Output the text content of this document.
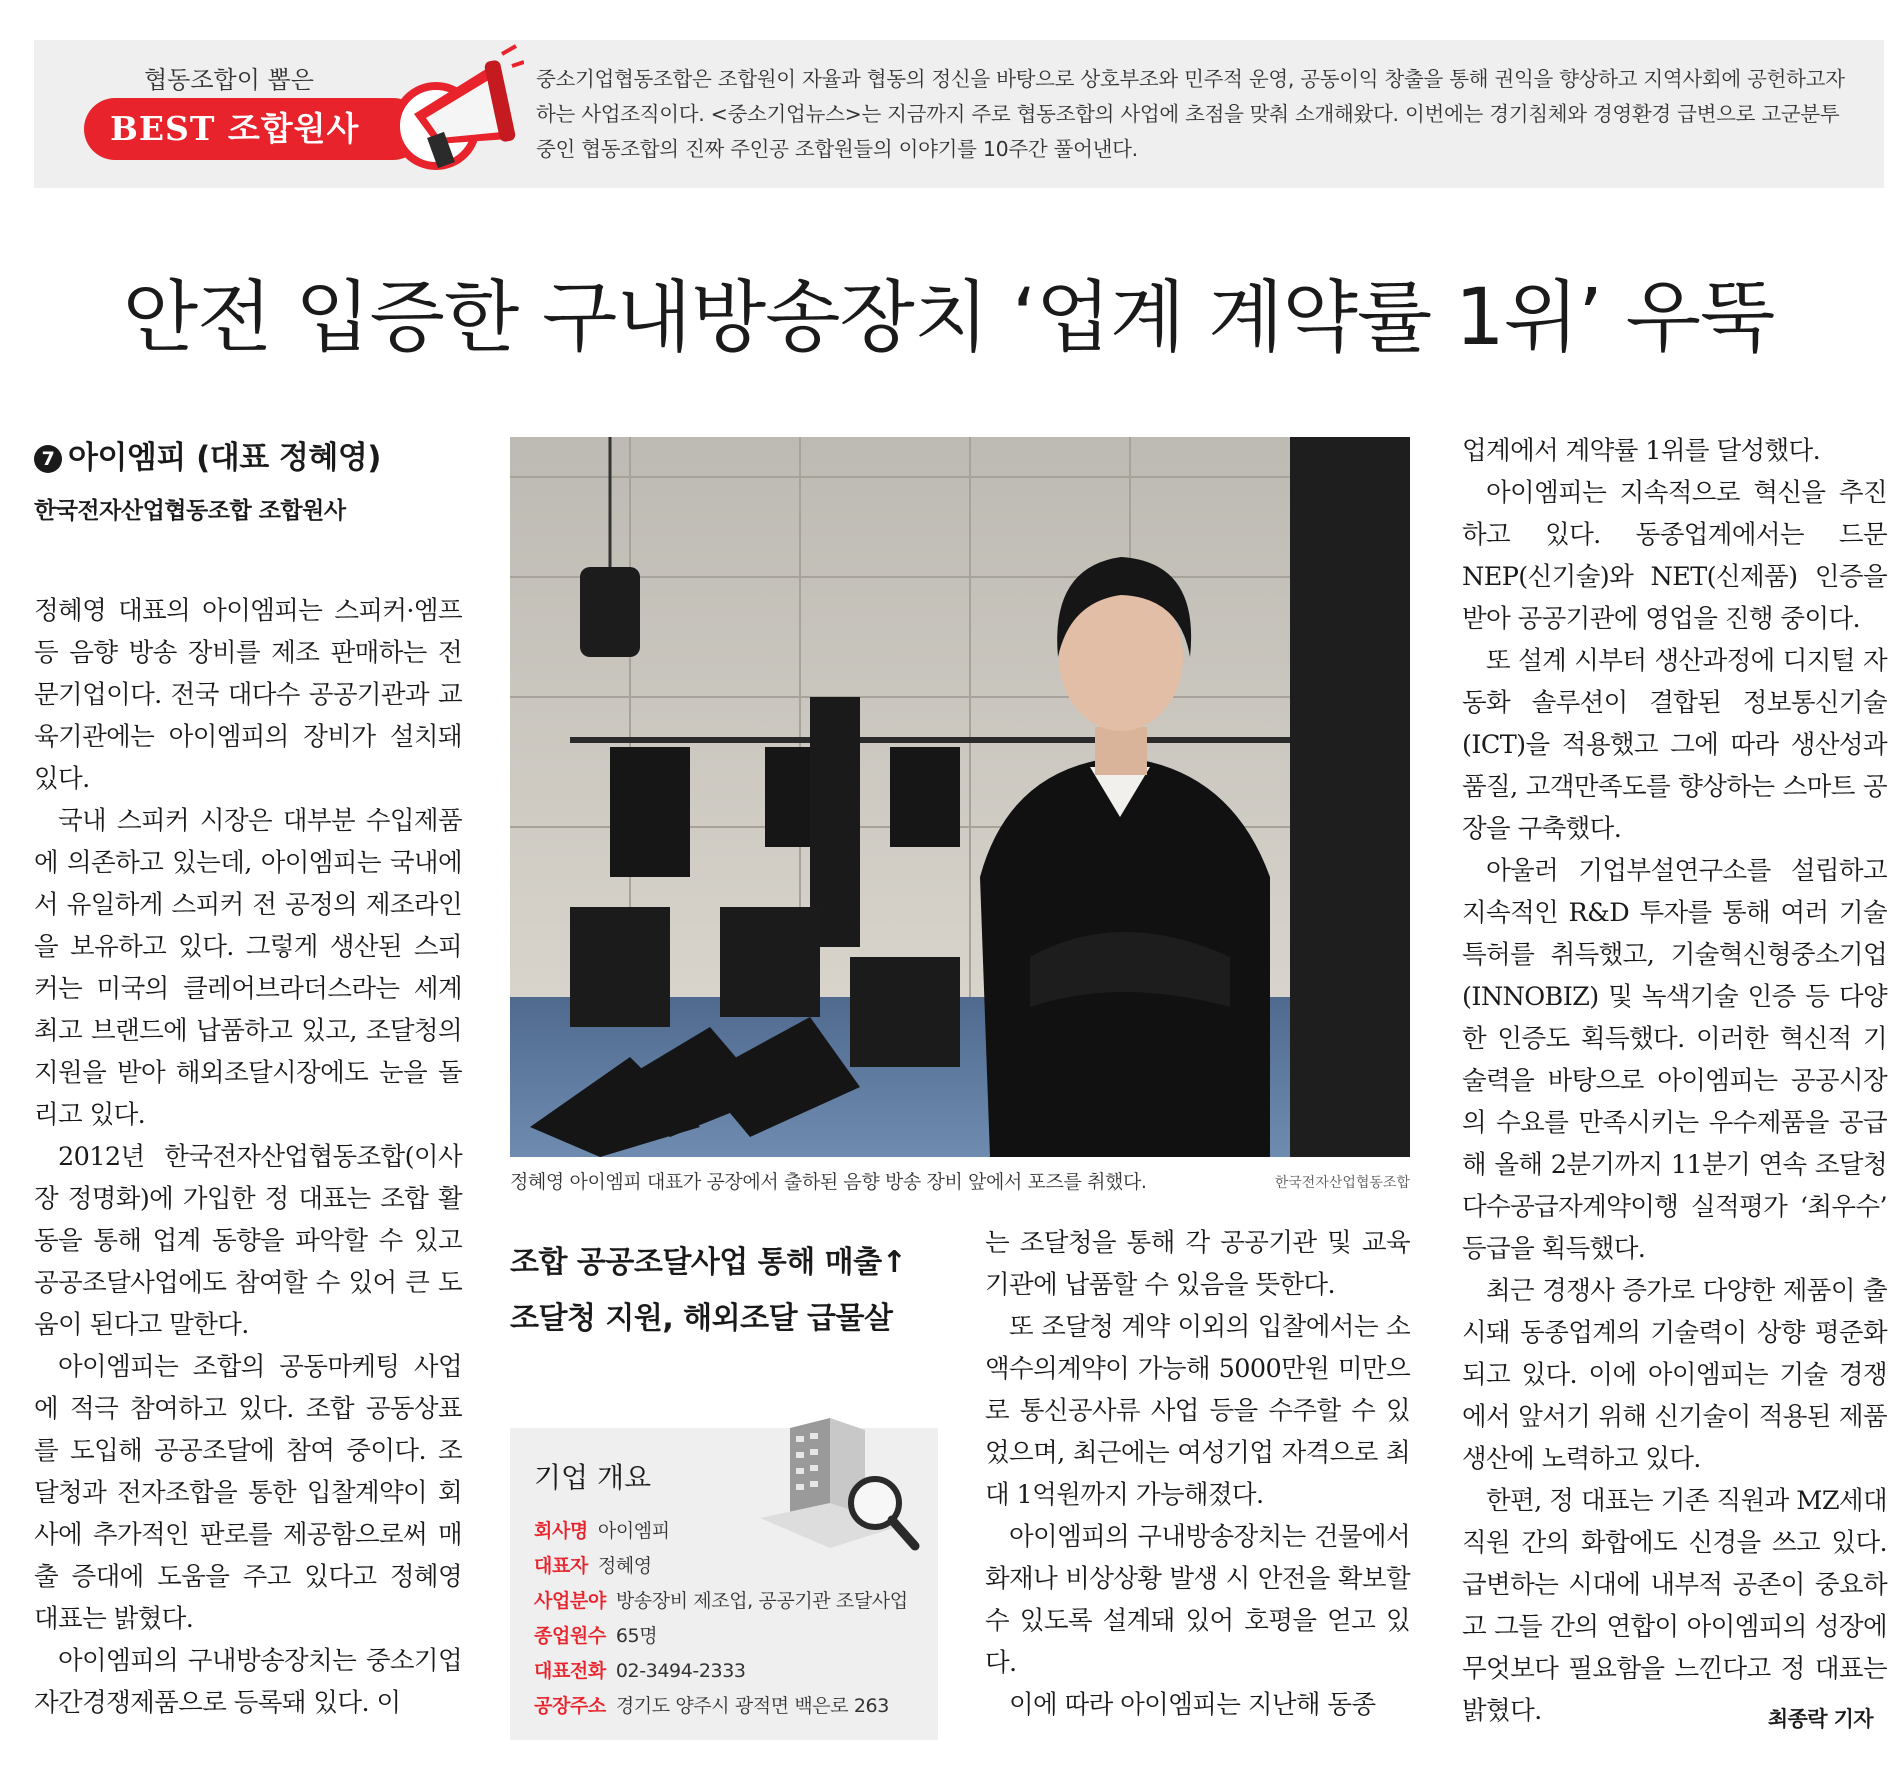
협동조합이 뽑은
BEST 조합원사
중소기업협동조합은 조합원이 자율과 협동의 정신을 바탕으로 상호부조와 민주적 운영, 공동이익 창출을 통해 권익을 향상하고 지역사회에 공헌하고자 하는 사업조직이다. <중소기업뉴스>는 지금까지 주로 협동조합의 사업에 초점을 맞춰 소개해왔다. 이번에는 경기침체와 경영환경 급변으로 고군분투 중인 협동조합의 진짜 주인공 조합원들의 이야기를 10주간 풀어낸다.
안전 입증한 구내방송장치 ‘업계 계약률 1위’ 우뚝
7 아이엠피 (대표 정혜영)
한국전자산업협동조합 조합원사

정혜영 대표의 아이엠피는 스피커·엠프 등 음향 방송 장비를 제조 판매하는 전문기업이다. 전국 대다수 공공기관과 교육기관에는 아이엠피의 장비가 설치돼 있다.

국내 스피커 시장은 대부분 수입제품에 의존하고 있는데, 아이엠피는 국내에서 유일하게 스피커 전 공정의 제조라인을 보유하고 있다. 그렇게 생산된 스피커는 미국의 클레어브라더스라는 세계 최고 브랜드에 납품하고 있고, 조달청의 지원을 받아 해외조달시장에도 눈을 돌리고 있다.

2012년 한국전자산업협동조합(이사장 정명화)에 가입한 정 대표는 조합 활동을 통해 업계 동향을 파악할 수 있고 공공조달사업에도 참여할 수 있어 큰 도움이 된다고 말한다.

아이엠피는 조합의 공동마케팅 사업에 적극 참여하고 있다. 조합 공동상표를 도입해 공공조달에 참여 중이다. 조달청과 전자조합을 통한 입찰계약이 회사에 추가적인 판로를 제공함으로써 매출 증대에 도움을 주고 있다고 정혜영 대표는 밝혔다.

아이엠피의 구내방송장치는 중소기업자간경쟁제품으로 등록돼 있다. 이

정혜영 아이엠피 대표가 공장에서 출하된 음향 방송 장비 앞에서 포즈를 취했다.	한국전자산업협동조합
조합 공공조달사업 통해 매출↑
조달청 지원, 해외조달 급물살
기업 개요
회사명 아이엠피
대표자 정혜영
사업분야 방송장비 제조업, 공공기관 조달사업
종업원수 65명
대표전화 02-3494-2333
공장주소 경기도 양주시 광적면 백은로 263

는 조달청을 통해 각 공공기관 및 교육기관에 납품할 수 있음을 뜻한다.

또 조달청 계약 이외의 입찰에서는 소액수의계약이 가능해 5000만원 미만으로 통신공사류 사업 등을 수주할 수 있었으며, 최근에는 여성기업 자격으로 최대 1억원까지 가능해졌다.

아이엠피의 구내방송장치는 건물에서 화재나 비상상황 발생 시 안전을 확보할 수 있도록 설계돼 있어 호평을 얻고 있다.

이에 따라 아이엠피는 지난해 동종

업계에서 계약률 1위를 달성했다.

아이엠피는 지속적으로 혁신을 추진하고 있다. 동종업계에서는 드문 NEP(신기술)와 NET(신제품) 인증을 받아 공공기관에 영업을 진행 중이다.

또 설계 시부터 생산과정에 디지털 자동화 솔루션이 결합된 정보통신기술(ICT)을 적용했고 그에 따라 생산성과 품질, 고객만족도를 향상하는 스마트 공장을 구축했다.

아울러 기업부설연구소를 설립하고 지속적인 R&D 투자를 통해 여러 기술 특허를 취득했고, 기술혁신형중소기업(INNOBIZ) 및 녹색기술 인증 등 다양한 인증도 획득했다. 이러한 혁신적 기술력을 바탕으로 아이엠피는 공공시장의 수요를 만족시키는 우수제품을 공급해 올해 2분기까지 11분기 연속 조달청 다수공급자계약이행 실적평가 ‘최우수’ 등급을 획득했다.

최근 경쟁사 증가로 다양한 제품이 출시돼 동종업계의 기술력이 상향 평준화되고 있다. 이에 아이엠피는 기술 경쟁에서 앞서기 위해 신기술이 적용된 제품 생산에 노력하고 있다.

한편, 정 대표는 기존 직원과 MZ세대 직원 간의 화합에도 신경을 쓰고 있다. 급변하는 시대에 내부적 공존이 중요하고 그들 간의 연합이 아이엠피의 성장에 무엇보다 필요함을 느낀다고 정 대표는 밝혔다.	최종락 기자
